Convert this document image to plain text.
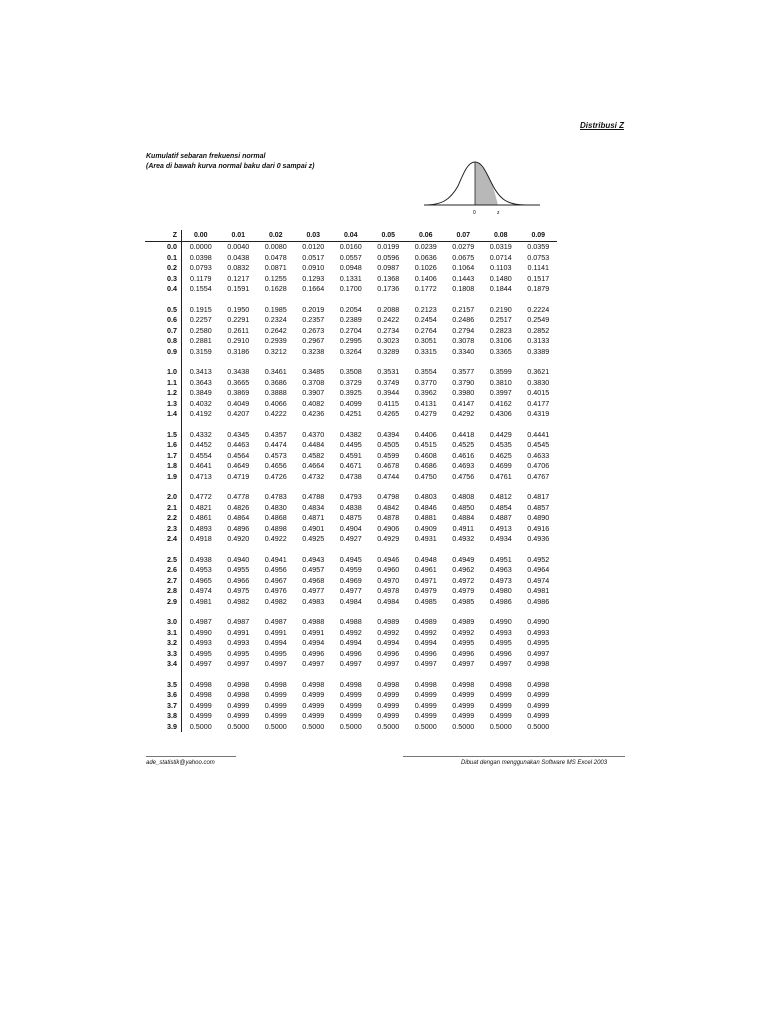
Distribusi Z
Kumulatif sebaran frekuensi normal
(Area di bawah kurva normal baku dari 0 sampai z)
0	z
Z	0.00	0.01	0.02	0.03	0.04	0.05	0.06	0.07	0.08	0.09
0.0	0.0000	0.0040	0.0080	0.0120	0.0160	0.0199	0.0239	0.0279	0.0319	0.0359
0.1	0.0398	0.0438	0.0478	0.0517	0.0557	0.0596	0.0636	0.0675	0.0714	0.0753
0.2	0.0793	0.0832	0.0871	0.0910	0.0948	0.0987	0.1026	0.1064	0.1103	0.1141
0.3	0.1179	0.1217	0.1255	0.1293	0.1331	0.1368	0.1406	0.1443	0.1480	0.1517
0.4	0.1554	0.1591	0.1628	0.1664	0.1700	0.1736	0.1772	0.1808	0.1844	0.1879

0.5	0.1915	0.1950	0.1985	0.2019	0.2054	0.2088	0.2123	0.2157	0.2190	0.2224
0.6	0.2257	0.2291	0.2324	0.2357	0.2389	0.2422	0.2454	0.2486	0.2517	0.2549
0.7	0.2580	0.2611	0.2642	0.2673	0.2704	0.2734	0.2764	0.2794	0.2823	0.2852
0.8	0.2881	0.2910	0.2939	0.2967	0.2995	0.3023	0.3051	0.3078	0.3106	0.3133
0.9	0.3159	0.3186	0.3212	0.3238	0.3264	0.3289	0.3315	0.3340	0.3365	0.3389

1.0	0.3413	0.3438	0.3461	0.3485	0.3508	0.3531	0.3554	0.3577	0.3599	0.3621
1.1	0.3643	0.3665	0.3686	0.3708	0.3729	0.3749	0.3770	0.3790	0.3810	0.3830
1.2	0.3849	0.3869	0.3888	0.3907	0.3925	0.3944	0.3962	0.3980	0.3997	0.4015
1.3	0.4032	0.4049	0.4066	0.4082	0.4099	0.4115	0.4131	0.4147	0.4162	0.4177
1.4	0.4192	0.4207	0.4222	0.4236	0.4251	0.4265	0.4279	0.4292	0.4306	0.4319

1.5	0.4332	0.4345	0.4357	0.4370	0.4382	0.4394	0.4406	0.4418	0.4429	0.4441
1.6	0.4452	0.4463	0.4474	0.4484	0.4495	0.4505	0.4515	0.4525	0.4535	0.4545
1.7	0.4554	0.4564	0.4573	0.4582	0.4591	0.4599	0.4608	0.4616	0.4625	0.4633
1.8	0.4641	0.4649	0.4656	0.4664	0.4671	0.4678	0.4686	0.4693	0.4699	0.4706
1.9	0.4713	0.4719	0.4726	0.4732	0.4738	0.4744	0.4750	0.4756	0.4761	0.4767

2.0	0.4772	0.4778	0.4783	0.4788	0.4793	0.4798	0.4803	0.4808	0.4812	0.4817
2.1	0.4821	0.4826	0.4830	0.4834	0.4838	0.4842	0.4846	0.4850	0.4854	0.4857
2.2	0.4861	0.4864	0.4868	0.4871	0.4875	0.4878	0.4881	0.4884	0.4887	0.4890
2.3	0.4893	0.4896	0.4898	0.4901	0.4904	0.4906	0.4909	0.4911	0.4913	0.4916
2.4	0.4918	0.4920	0.4922	0.4925	0.4927	0.4929	0.4931	0.4932	0.4934	0.4936

2.5	0.4938	0.4940	0.4941	0.4943	0.4945	0.4946	0.4948	0.4949	0.4951	0.4952
2.6	0.4953	0.4955	0.4956	0.4957	0.4959	0.4960	0.4961	0.4962	0.4963	0.4964
2.7	0.4965	0.4966	0.4967	0.4968	0.4969	0.4970	0.4971	0.4972	0.4973	0.4974
2.8	0.4974	0.4975	0.4976	0.4977	0.4977	0.4978	0.4979	0.4979	0.4980	0.4981
2.9	0.4981	0.4982	0.4982	0.4983	0.4984	0.4984	0.4985	0.4985	0.4986	0.4986

3.0	0.4987	0.4987	0.4987	0.4988	0.4988	0.4989	0.4989	0.4989	0.4990	0.4990
3.1	0.4990	0.4991	0.4991	0.4991	0.4992	0.4992	0.4992	0.4992	0.4993	0.4993
3.2	0.4993	0.4993	0.4994	0.4994	0.4994	0.4994	0.4994	0.4995	0.4995	0.4995
3.3	0.4995	0.4995	0.4995	0.4996	0.4996	0.4996	0.4996	0.4996	0.4996	0.4997
3.4	0.4997	0.4997	0.4997	0.4997	0.4997	0.4997	0.4997	0.4997	0.4997	0.4998

3.5	0.4998	0.4998	0.4998	0.4998	0.4998	0.4998	0.4998	0.4998	0.4998	0.4998
3.6	0.4998	0.4998	0.4999	0.4999	0.4999	0.4999	0.4999	0.4999	0.4999	0.4999
3.7	0.4999	0.4999	0.4999	0.4999	0.4999	0.4999	0.4999	0.4999	0.4999	0.4999
3.8	0.4999	0.4999	0.4999	0.4999	0.4999	0.4999	0.4999	0.4999	0.4999	0.4999
3.9	0.5000	0.5000	0.5000	0.5000	0.5000	0.5000	0.5000	0.5000	0.5000	0.5000
ade_statistik@yahoo.com	Dibuat dengan menggunakan Software MS Excel 2003
